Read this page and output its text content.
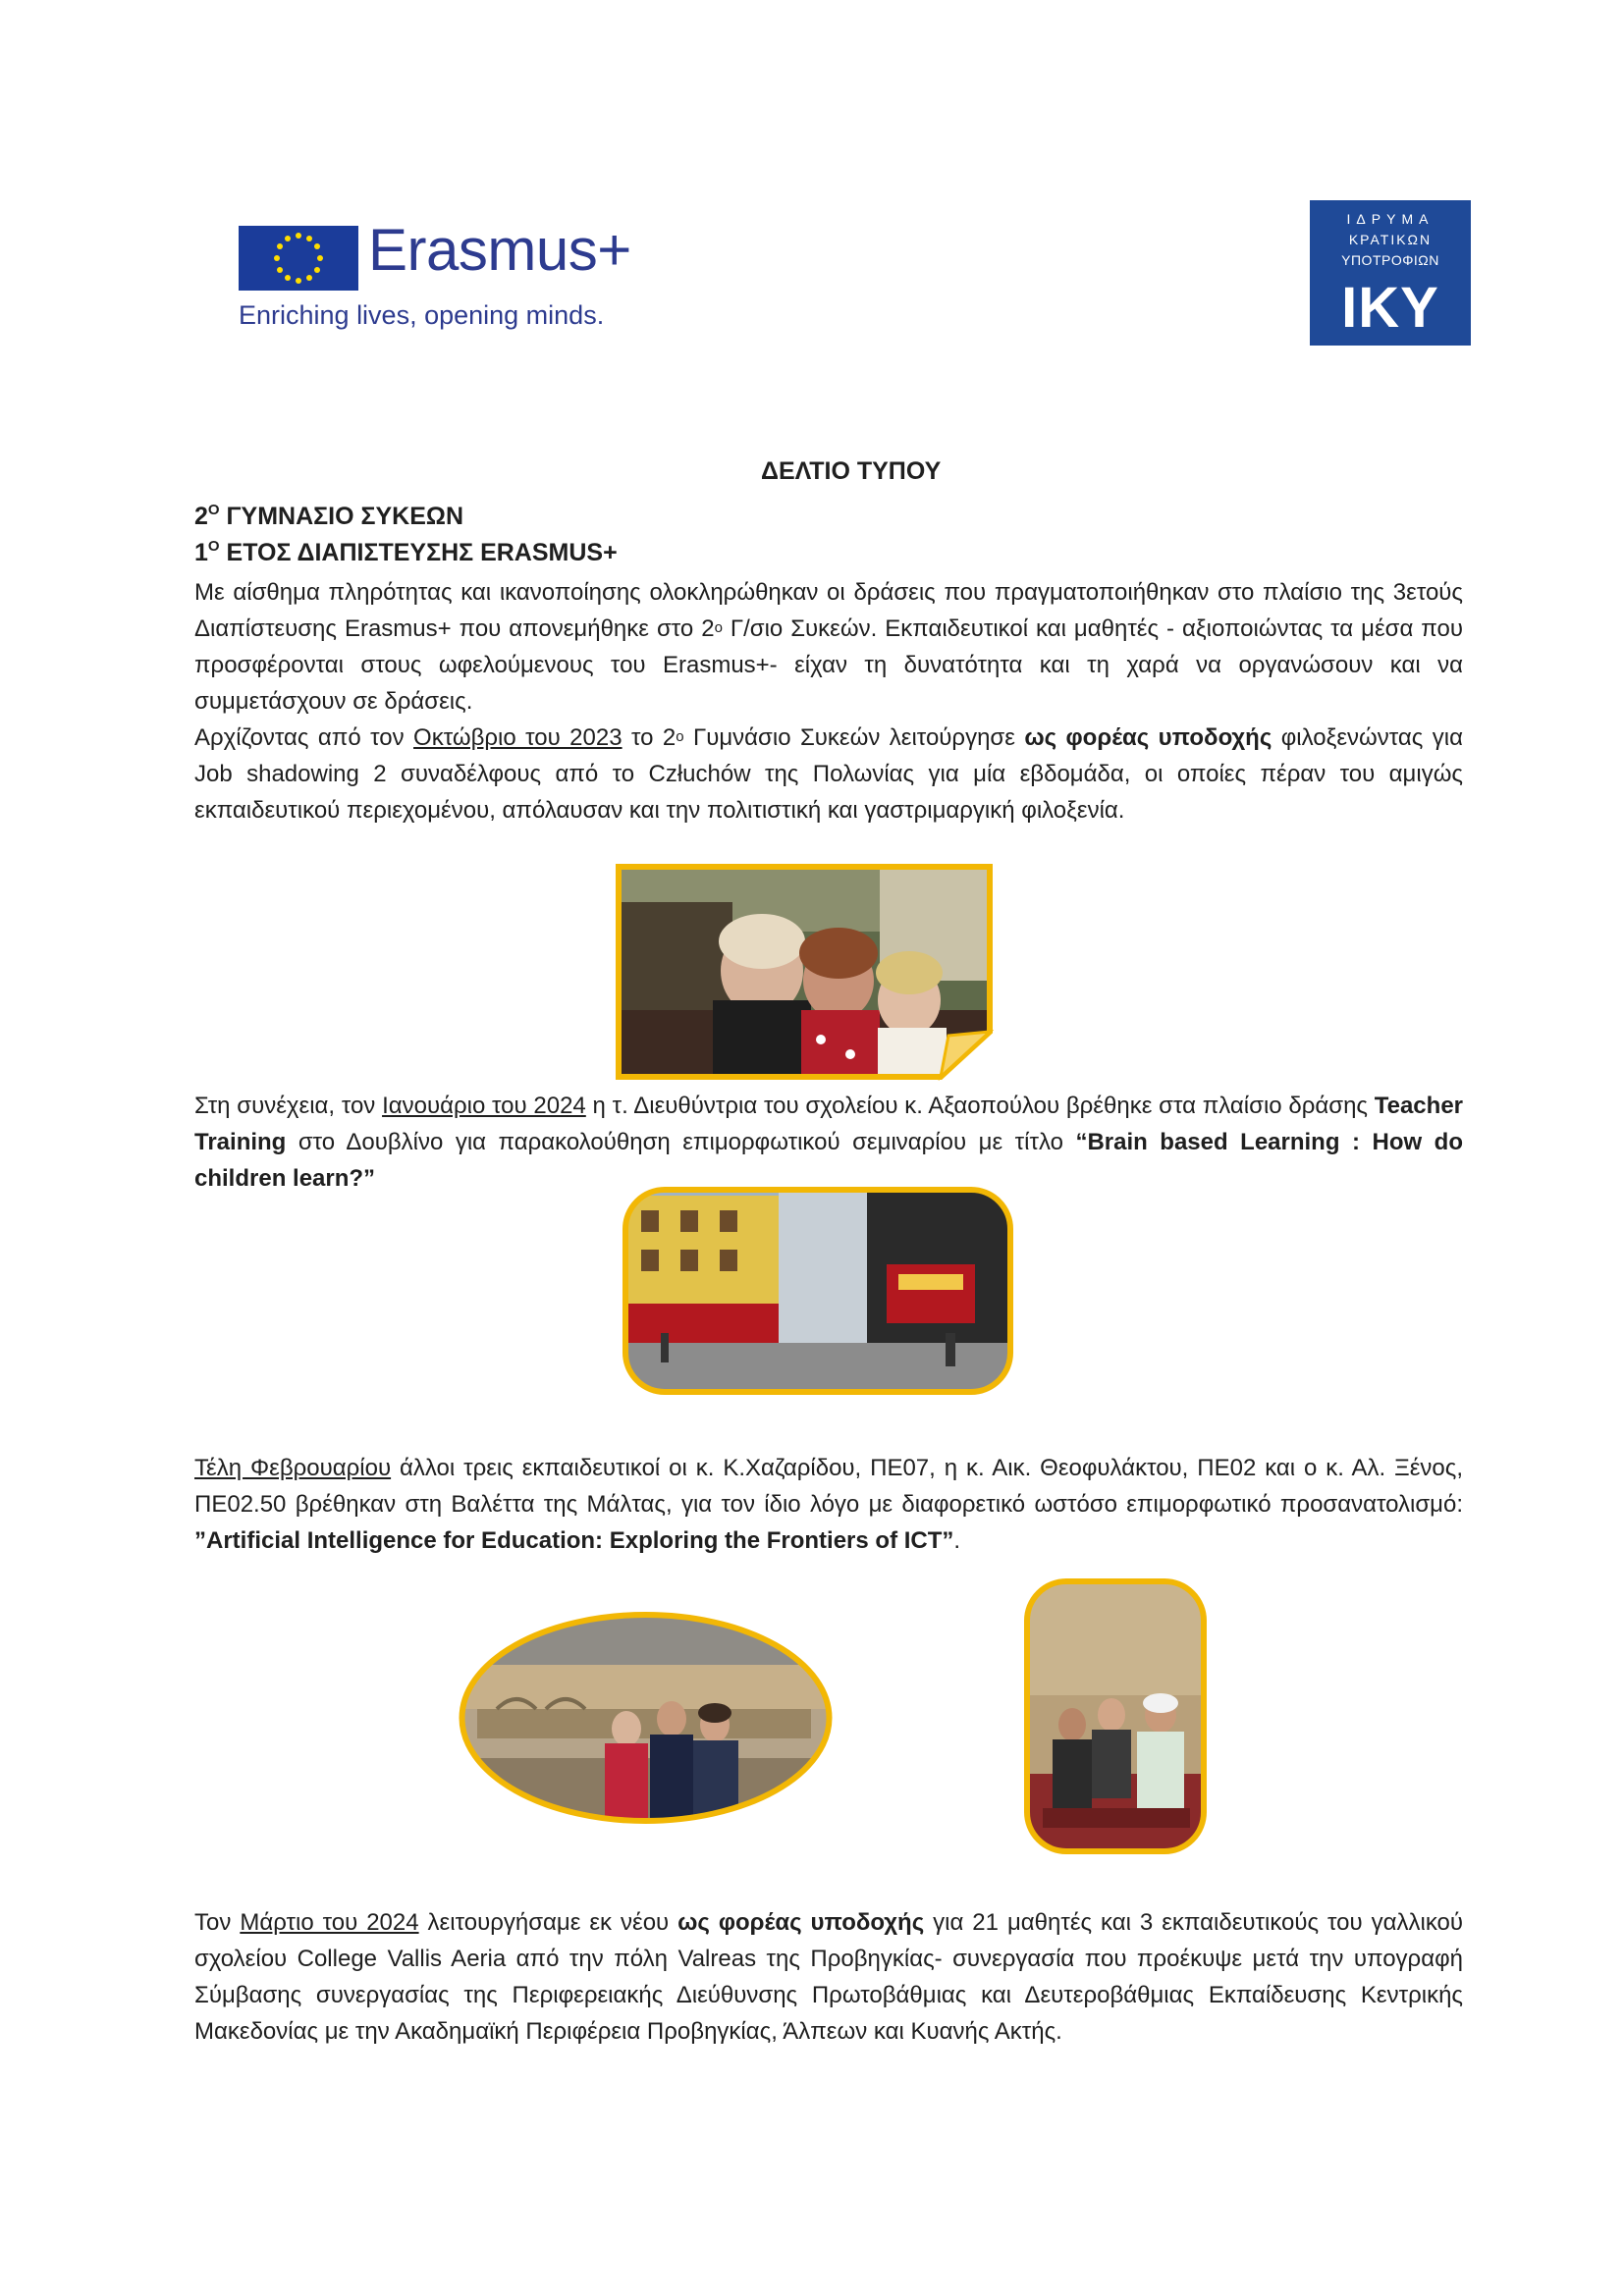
Erasmus+
Enriching lives, opening minds.
ΙΔΡΥΜΑ
ΚΡΑΤΙΚΩΝ
ΥΠΟΤΡΟΦΙΩΝ
ΙΚΥ
ΔΕΛΤΙΟ ΤΥΠΟΥ
$2^O$ ΓΥΜΝΑΣΙΟ ΣΥΚΕΩΝ
$1^O$ ΕΤΟΣ ΔΙΑΠΙΣΤΕΥΣΗΣ ERASMUS+

Με αίσθημα πληρότητας και ικανοποίησης ολοκληρώθηκαν οι δράσεις που πραγματοποιήθηκαν στο πλαίσιο της 3ετούς Διαπίστευσης Erasmus+ που απονεμήθηκε στο $2^o$ Γ/σιο Συκεών. Εκπαιδευτικοί και μαθητές - αξιοποιώντας τα μέσα που προσφέρονται στους ωφελούμενους του Erasmus+- είχαν τη δυνατότητα και τη χαρά να οργανώσουν και να συμμετάσχουν σε δράσεις.

Αρχίζοντας από τον Οκτώβριο του 2023 το $2^o$ Γυμνάσιο Συκεών λειτούργησε ως φορέας υποδοχής φιλοξενώντας για Job shadowing 2 συναδέλφους από το Człuchów της Πολωνίας για μία εβδομάδα, οι οποίες πέραν του αμιγώς εκπαιδευτικού περιεχομένου, απόλαυσαν και την πολιτιστική και γαστριμαργική φιλοξενία.

Στη συνέχεια, τον Ιανουάριο του 2024 η τ. Διευθύντρια του σχολείου κ. Αξαοπούλου βρέθηκε στα πλαίσιο δράσης Teacher Training στο Δουβλίνο για παρακολούθηση επιμορφωτικού σεμιναρίου με τίτλο “Brain based Learning : How do children learn?”

Τέλη Φεβρουαρίου άλλοι τρεις εκπαιδευτικοί οι κ. Κ.Χαζαρίδου, ΠΕ07, η κ. Αικ. Θεοφυλάκτου, ΠΕ02 και ο κ. Αλ. Ξένος, ΠΕ02.50 βρέθηκαν στη Βαλέττα της Μάλτας, για τον ίδιο λόγο με διαφορετικό ωστόσο επιμορφωτικό προσανατολισμό: ”Artificial Intelligence for Education: Exploring the Frontiers of ICT”.

Τον Μάρτιο του 2024 λειτουργήσαμε εκ νέου ως φορέας υποδοχής για 21 μαθητές και 3 εκπαιδευτικούς του γαλλικού σχολείου College Vallis Aeria από την πόλη Valreas της Προβηγκίας- συνεργασία που προέκυψε μετά την υπογραφή Σύμβασης συνεργασίας της Περιφερειακής Διεύθυνσης Πρωτοβάθμιας και Δευτεροβάθμιας Εκπαίδευσης Κεντρικής Μακεδονίας με την Ακαδημαϊκή Περιφέρεια Προβηγκίας, Άλπεων και Κυανής Ακτής.
